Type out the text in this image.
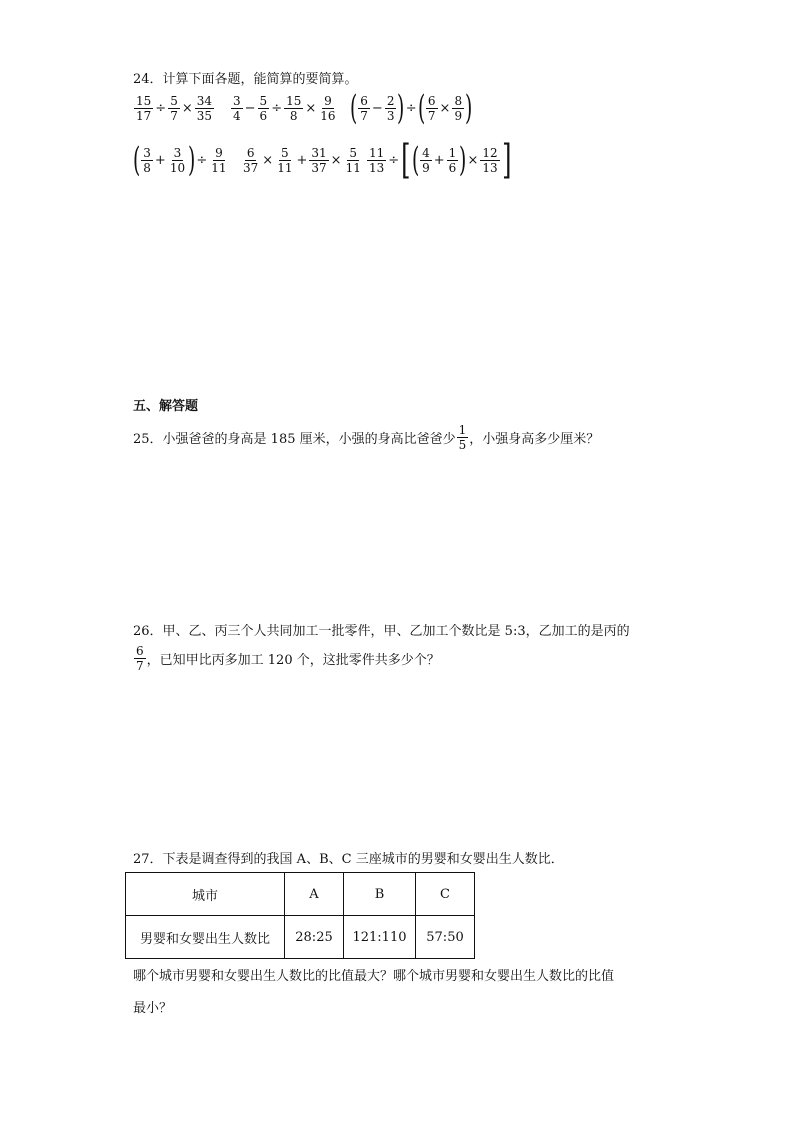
24．计算下面各题，能简算的要简算。
$\frac{15}{17} \div \frac{5}{7} \times \frac{34}{35} \frac{3}{4} - \frac{5}{6} \div \frac{15}{8} \times \frac{9}{16}$ ( $\frac{6}{7} - \frac{2}{3}$ ) ÷ ( $\frac{6}{7} \times \frac{8}{9}$ )
( $\frac{3}{8} + \frac{3}{10}$ ) ÷ $\frac{9}{11} \frac{6}{37} \times \frac{5}{11} + \frac{31}{37} \times \frac{5}{11} \frac{11}{13}$ ÷ [ ( $\frac{4}{9} + \frac{1}{6}$ ) × $\frac{12}{13}$ ]
五、解答题
25．小强爸爸的身高是 185 厘米，小强的身高比爸爸少 $\frac{1}{5}$ ，小强身高多少厘米？
26．甲、乙、丙三个人共同加工一批零件，甲、乙加工个数比是 5:3，乙加工的是丙的
$\frac{6}{7}$ ，已知甲比丙多加工 120 个，这批零件共多少个？
27．下表是调查得到的我国 A、B、C 三座城市的男婴和女婴出生人数比．
城市	A	B	C
男婴和女婴出生人数比	28:25	121:110	57:50
哪个城市男婴和女婴出生人数比的比值最大？哪个城市男婴和女婴出生人数比的比值
最小？
